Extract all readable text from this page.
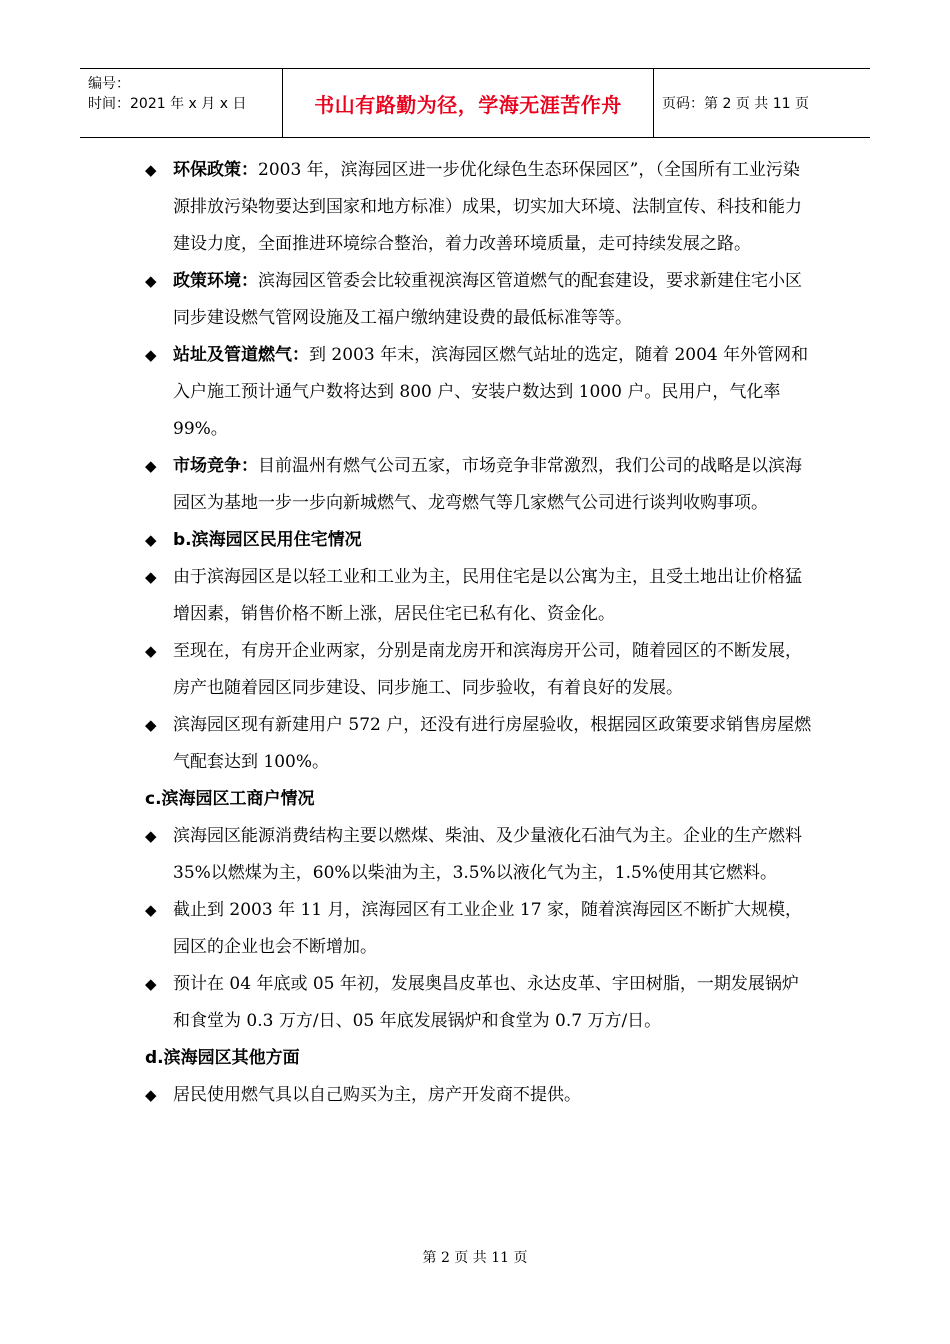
编号：
时间：2021 年 x 月 x 日	书山有路勤为径，学海无涯苦作舟	页码：第 2 页 共 11 页
◆ 环保政策：2003 年，滨海园区进一步优化绿色生态环保园区”，（全国所有工业污染源排放污染物要达到国家和地方标准）成果，切实加大环境、法制宣传、科技和能力建设力度，全面推进环境综合整治，着力改善环境质量，走可持续发展之路。
◆ 政策环境：滨海园区管委会比较重视滨海区管道燃气的配套建设，要求新建住宅小区同步建设燃气管网设施及工福户缴纳建设费的最低标准等等。
◆ 站址及管道燃气：到 2003 年末，滨海园区燃气站址的选定，随着 2004 年外管网和入户施工预计通气户数将达到 800 户、安装户数达到 1000 户。民用户，气化率 99%。
◆ 市场竞争：目前温州有燃气公司五家，市场竞争非常激烈，我们公司的战略是以滨海园区为基地一步一步向新城燃气、龙弯燃气等几家燃气公司进行谈判收购事项。
◆ b.滨海园区民用住宅情况
◆ 由于滨海园区是以轻工业和工业为主，民用住宅是以公寓为主，且受土地出让价格猛增因素，销售价格不断上涨，居民住宅已私有化、资金化。
◆ 至现在，有房开企业两家，分别是南龙房开和滨海房开公司，随着园区的不断发展，房产也随着园区同步建设、同步施工、同步验收，有着良好的发展。
◆ 滨海园区现有新建用户 572 户，还没有进行房屋验收，根据园区政策要求销售房屋燃气配套达到 100%。
c.滨海园区工商户情况
◆ 滨海园区能源消费结构主要以燃煤、柴油、及少量液化石油气为主。企业的生产燃料 35%以燃煤为主，60%以柴油为主，3.5%以液化气为主，1.5%使用其它燃料。
◆ 截止到 2003 年 11 月，滨海园区有工业企业 17 家，随着滨海园区不断扩大规模，园区的企业也会不断增加。
◆ 预计在 04 年底或 05 年初，发展奥昌皮革也、永达皮革、宇田树脂，一期发展锅炉和食堂为 0.3 万方/日、05 年底发展锅炉和食堂为 0.7 万方/日。
d.滨海园区其他方面
◆ 居民使用燃气具以自己购买为主，房产开发商不提供。
第 2 页 共 11 页
